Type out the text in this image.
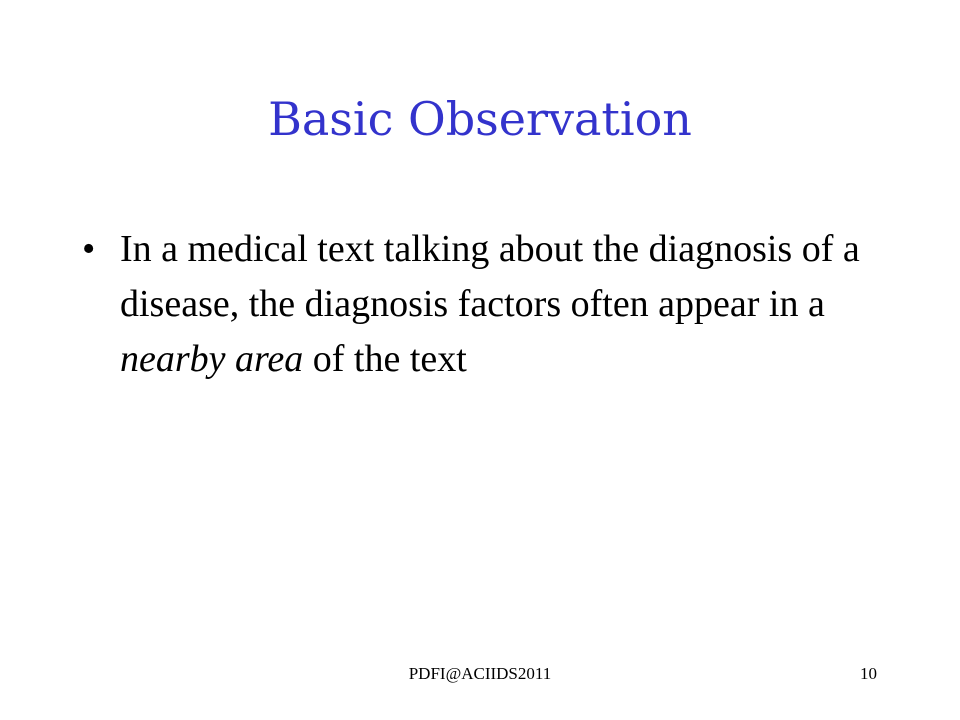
Basic Observation
• In a medical text talking about the diagnosis of a disease, the diagnosis factors often appear in a nearby area of the text
PDFI@ACIIDS2011	10
